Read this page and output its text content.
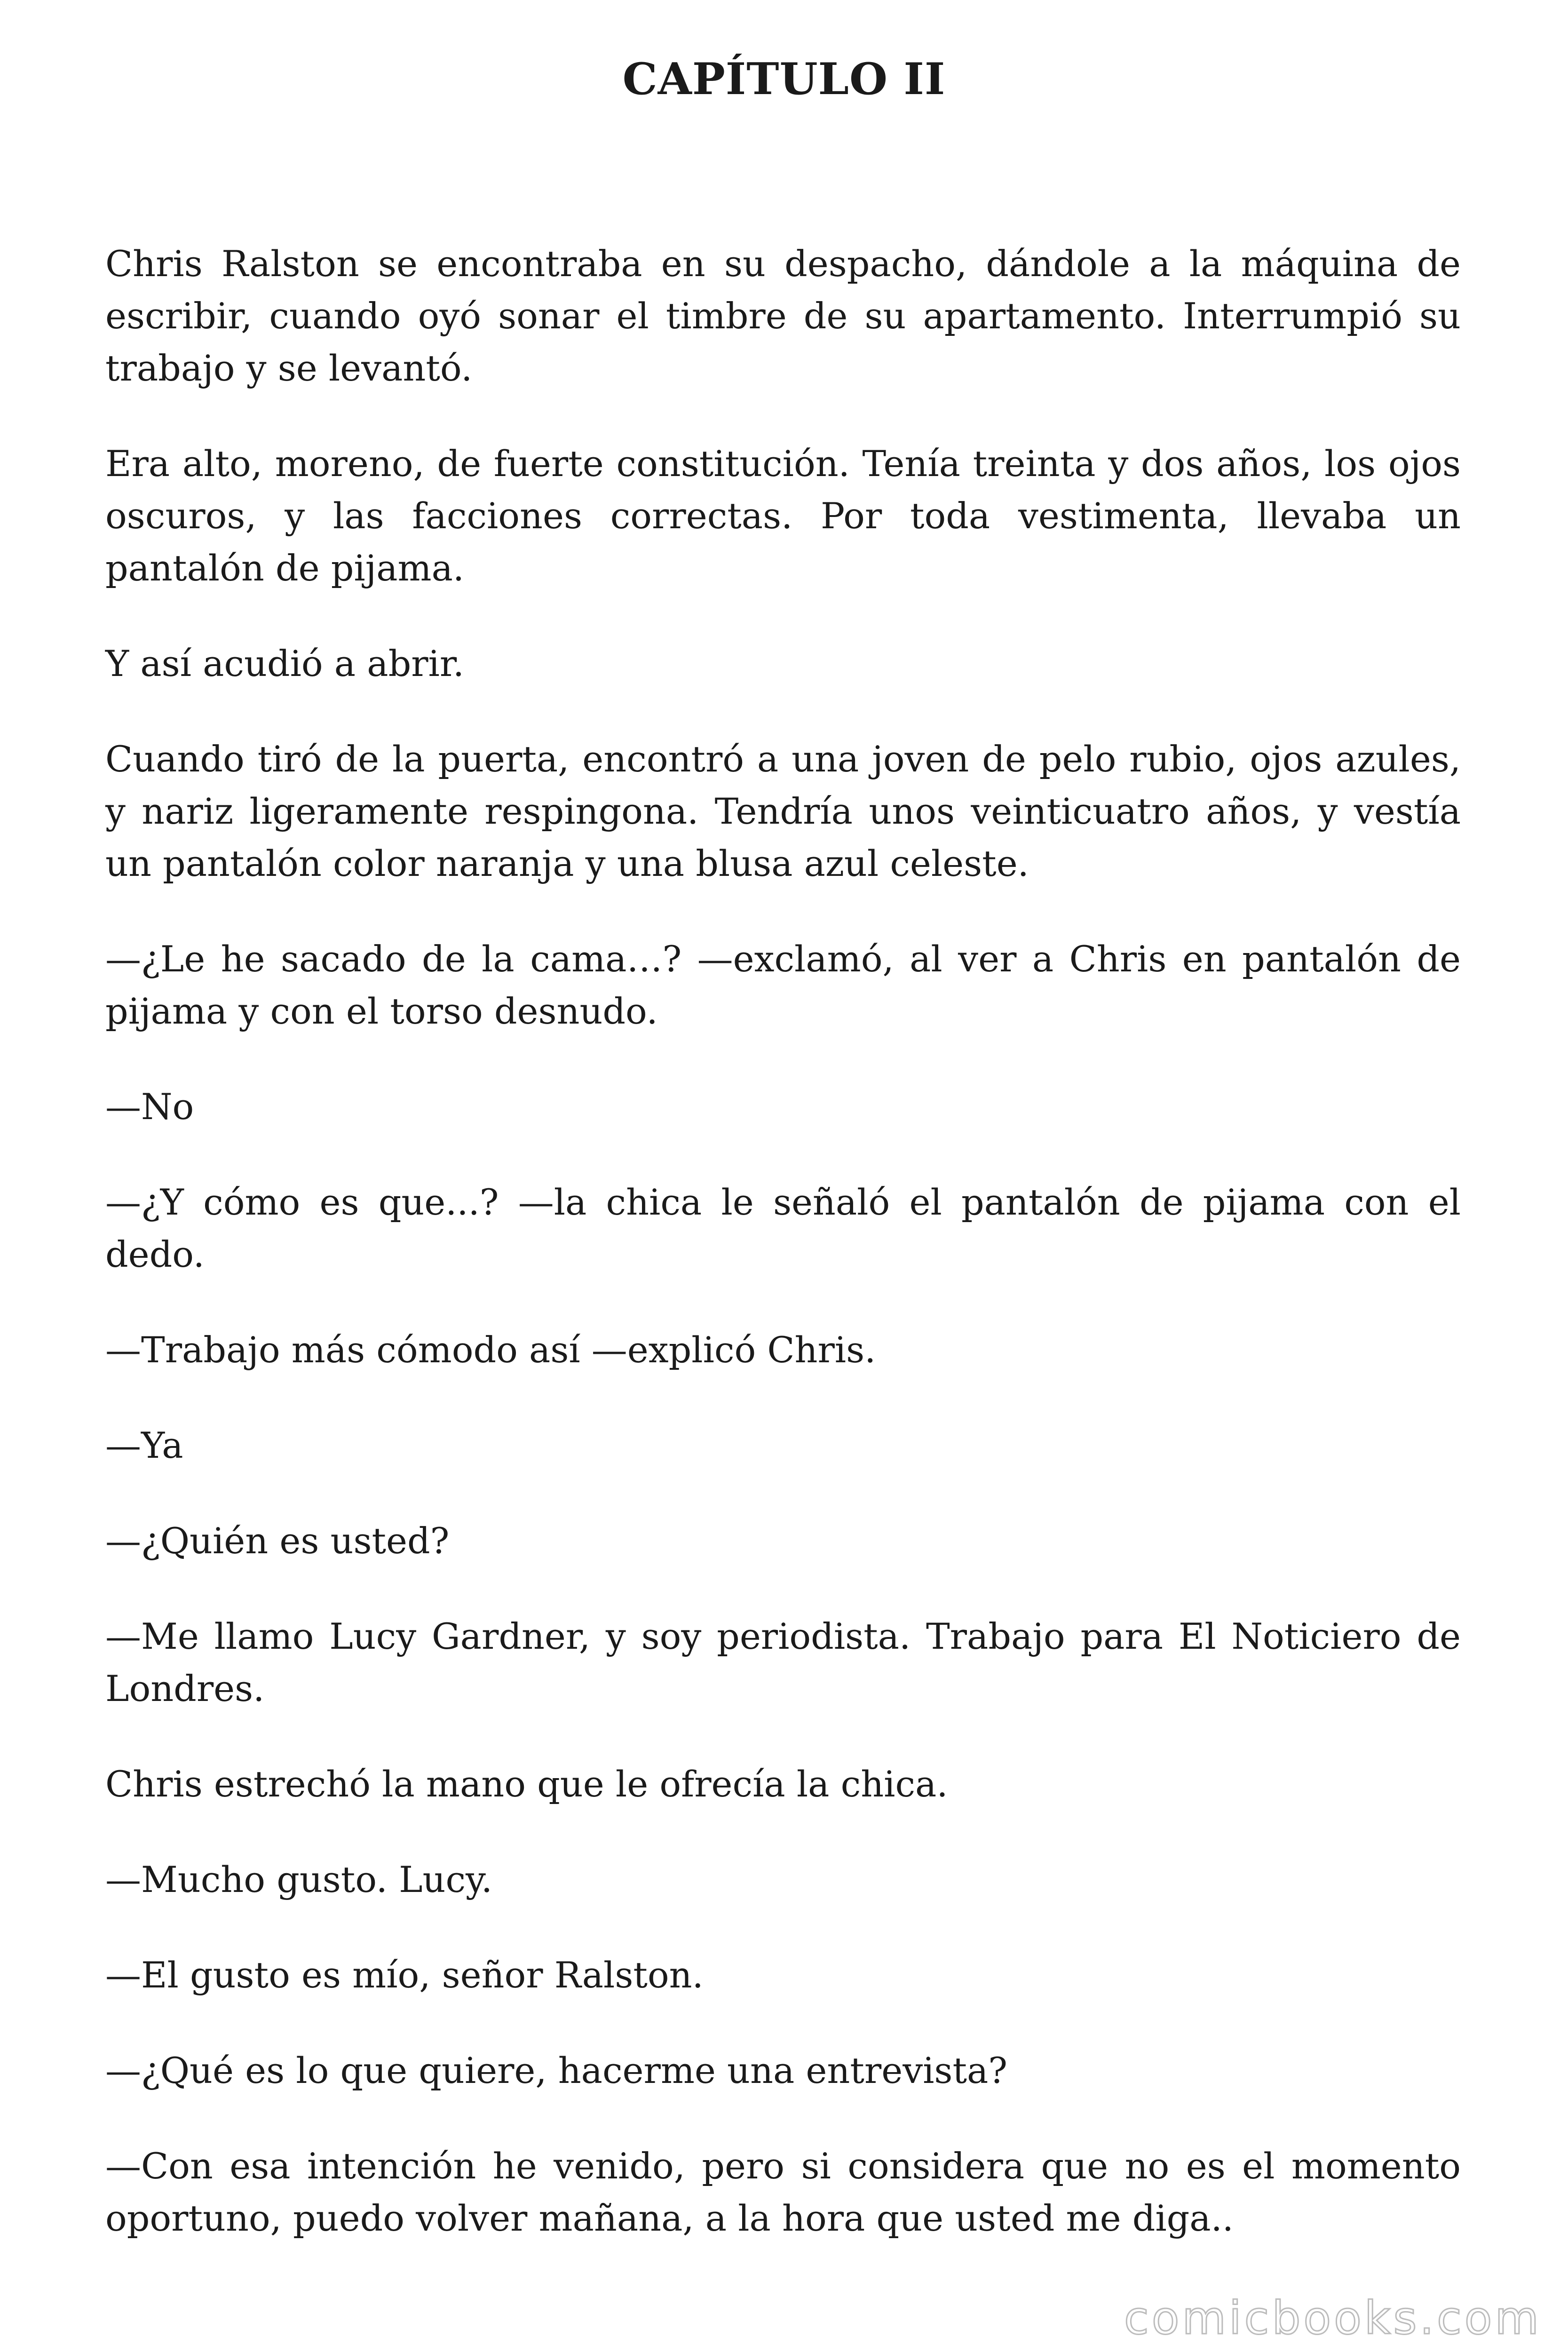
CAPÍTULO II

Chris Ralston se encontraba en su despacho, dándole a la máquina de escribir, cuando oyó sonar el timbre de su apartamento. Interrumpió su trabajo y se levantó.

Era alto, moreno, de fuerte constitución. Tenía treinta y dos años, los ojos oscuros, y las facciones correctas. Por toda vestimenta, llevaba un pantalón de pijama.

Y así acudió a abrir.

Cuando tiró de la puerta, encontró a una joven de pelo rubio, ojos azules, y nariz ligeramente respingona. Tendría unos veinticuatro años, y vestía un pantalón color naranja y una blusa azul celeste.

—¿Le he sacado de la cama…? —exclamó, al ver a Chris en pantalón de pijama y con el torso desnudo.

—No

—¿Y cómo es que...? —la chica le señaló el pantalón de pijama con el dedo.

—Trabajo más cómodo así —explicó Chris.

—Ya

—¿Quién es usted?

—Me llamo Lucy Gardner, y soy periodista. Trabajo para El Noticiero de Londres.

Chris estrechó la mano que le ofrecía la chica.

—Mucho gusto. Lucy.

—El gusto es mío, señor Ralston.

—¿Qué es lo que quiere, hacerme una entrevista?

—Con esa intención he venido, pero si considera que no es el momento oportuno, puedo volver mañana, a la hora que usted me diga..

comicbooks.com
